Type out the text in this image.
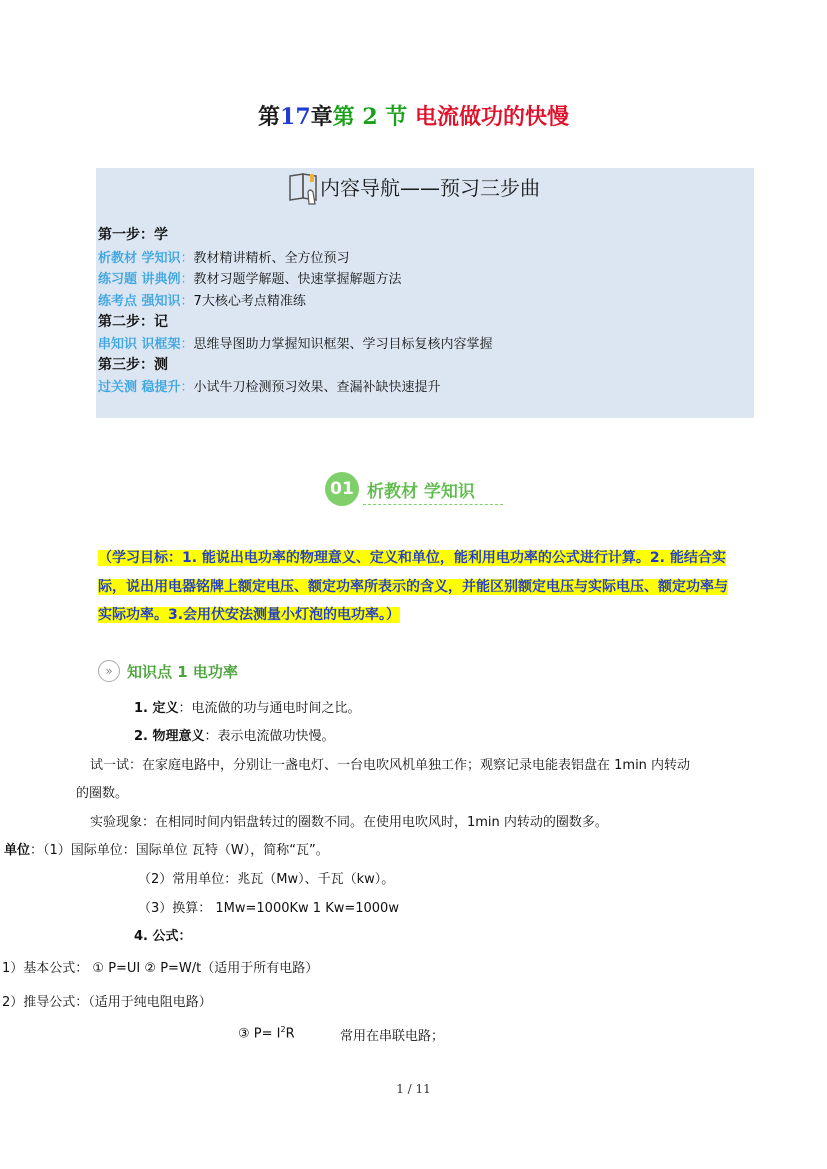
第17章第 2 节 电流做功的快慢
内容导航——预习三步曲
第一步：学
析教材 学知识：教材精讲精析、全方位预习
练习题 讲典例：教材习题学解题、快速掌握解题方法
练考点 强知识：7大核心考点精准练
第二步：记
串知识 识框架：思维导图助力掌握知识框架、学习目标复核内容掌握
第三步：测
过关测 稳提升：小试牛刀检测预习效果、查漏补缺快速提升
01 析教材 学知识
（学习目标：1. 能说出电功率的物理意义、定义和单位，能利用电功率的公式进行计算。2. 能结合实
际，说出用电器铭牌上额定电压、额定功率所表示的含义，并能区别额定电压与实际电压、额定功率与
实际功率。3.会用伏安法测量小灯泡的电功率。）
» 知识点 1 电功率
1. 定义：电流做的功与通电时间之比。
2. 物理意义：表示电流做功快慢。
试一试：在家庭电路中，分别让一盏电灯、一台电吹风机单独工作；观察记录电能表铝盘在 1min 内转动
的圈数。
实验现象：在相同时间内铝盘转过的圈数不同。在使用电吹风时，1min 内转动的圈数多。
单位：（1）国际单位：国际单位 瓦特（W），简称“瓦”。
（2）常用单位：兆瓦（Mw）、千瓦（kw）。
（3）换算： 1Mw=1000Kw 1 Kw=1000w
4. 公式：
1）基本公式： ① P=UI ② P=W/t（适用于所有电路）
2）推导公式：（适用于纯电阻电路）
③ $P= I^2R$	常用在串联电路；
1 / 11
